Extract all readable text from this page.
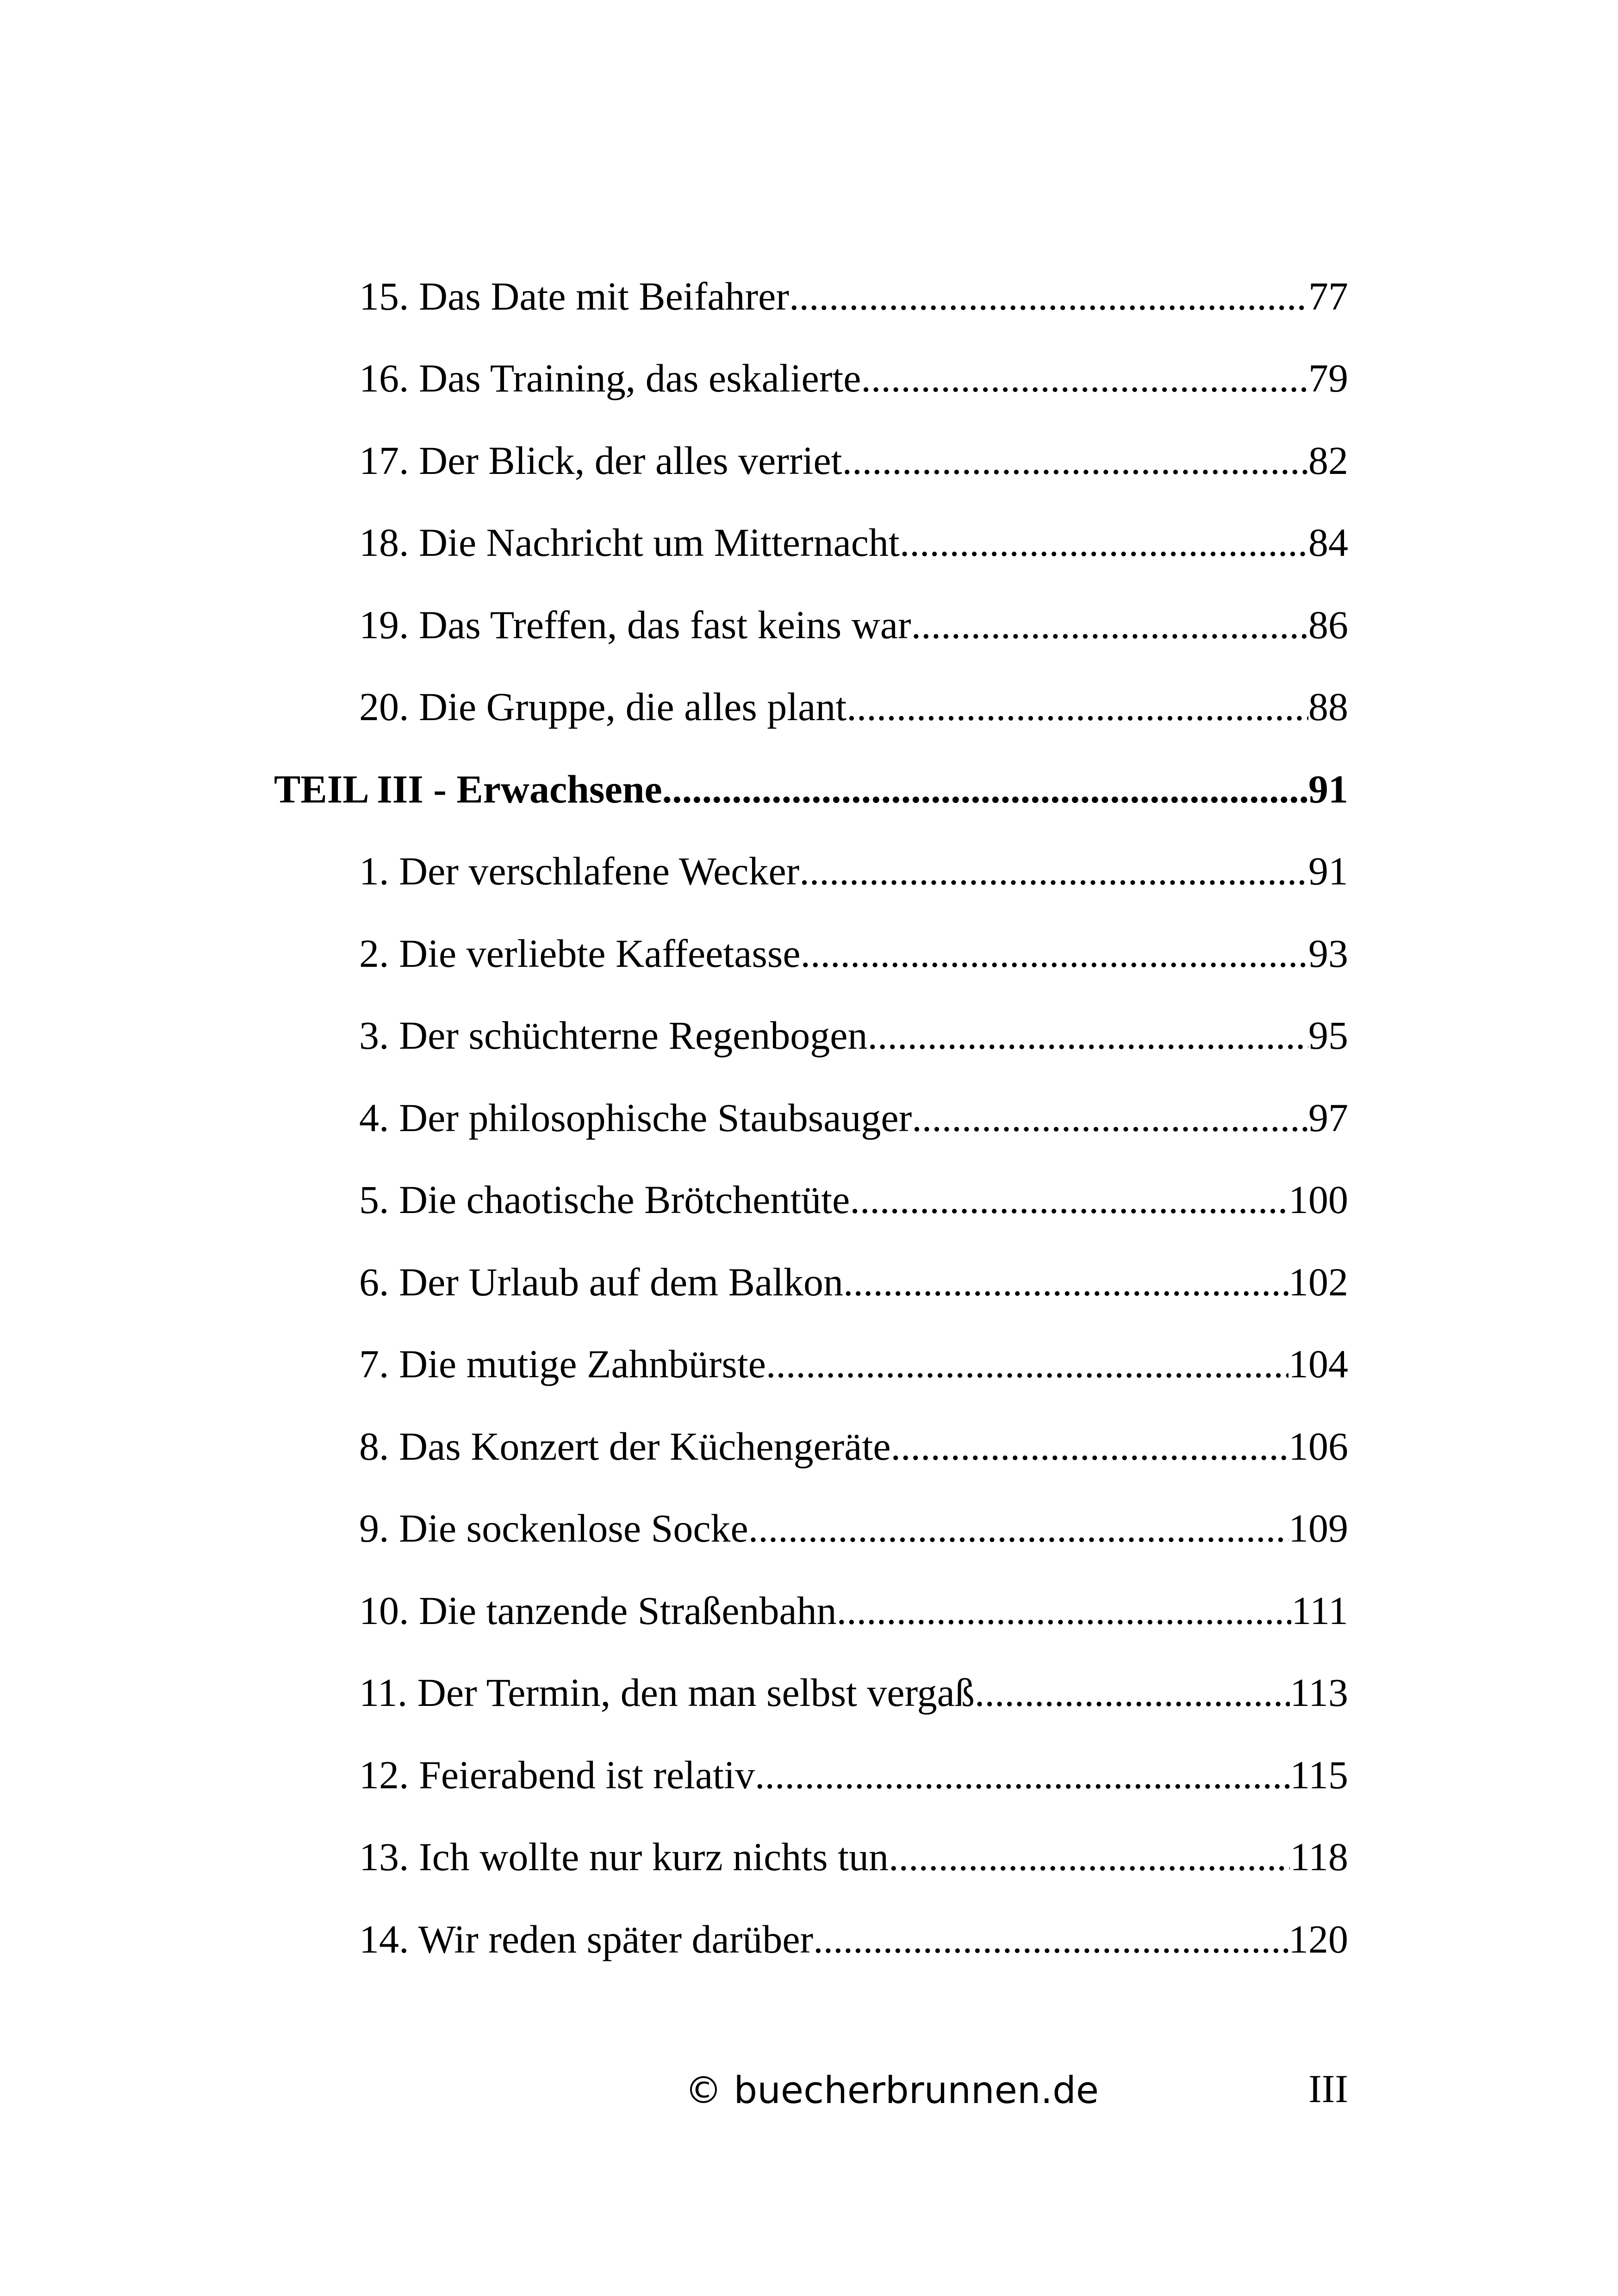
15. Das Date mit Beifahrer .....	77
16. Das Training, das eskalierte .....	79
17. Der Blick, der alles verriet .....	82
18. Die Nachricht um Mitternacht .....	84
19. Das Treffen, das fast keins war .....	86
20. Die Gruppe, die alles plant .....	88
TEIL III - Erwachsene .....	91
1. Der verschlafene Wecker .....	91
2. Die verliebte Kaffeetasse .....	93
3. Der schüchterne Regenbogen .....	95
4. Der philosophische Staubsauger .....	97
5. Die chaotische Brötchentüte .....	100
6. Der Urlaub auf dem Balkon .....	102
7. Die mutige Zahnbürste .....	104
8. Das Konzert der Küchengeräte .....	106
9. Die sockenlose Socke .....	109
10. Die tanzende Straßenbahn .....	111
11. Der Termin, den man selbst vergaß .....	113
12. Feierabend ist relativ .....	115
13. Ich wollte nur kurz nichts tun .....	118
14. Wir reden später darüber .....	120
© buecherbrunnen.de	III
